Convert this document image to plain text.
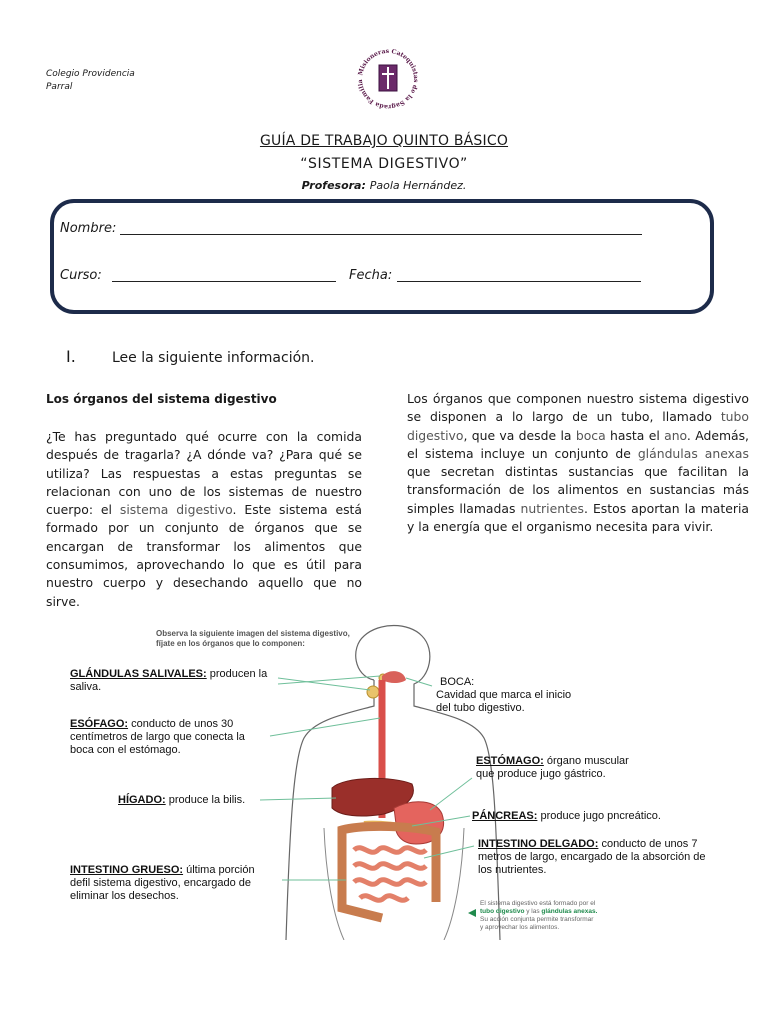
Colegio Providencia
Parral
Misioneras Catequistas de la Sagrada Familia
GUÍA DE TRABAJO QUINTO BÁSICO
“SISTEMA DIGESTIVO”
Profesora: Paola Hernández.
Nombre:
Curso:	Fecha:
I.	Lee la siguiente información.
Los órganos del sistema digestivo
¿Te has preguntado qué ocurre con la comida después de tragarla? ¿A dónde va? ¿Para qué se utiliza? Las respuestas a estas preguntas se relacionan con uno de los sistemas de nuestro cuerpo: el sistema digestivo. Este sistema está formado por un conjunto de órganos que se encargan de transformar los alimentos que consumimos, aprovechando lo que es útil para nuestro cuerpo y desechando aquello que no sirve.
Los órganos que componen nuestro sistema digestivo se disponen a lo largo de un tubo, llamado tubo digestivo, que va desde la boca hasta el ano. Además, el sistema incluye un conjunto de glándulas anexas que secretan distintas sustancias que facilitan la transformación de los alimentos en sustancias más simples llamadas nutrientes. Estos aportan la materia y la energía que el organismo necesita para vivir.
Observa la siguiente imagen del sistema digestivo,
fíjate en los órganos que lo componen:
GLÁNDULAS SALIVALES: producen la
saliva.
ESÓFAGO: conducto de unos 30
centímetros de largo que conecta la
boca con el estómago.
HÍGADO: produce la bilis.
INTESTINO GRUESO: última porción
defil sistema digestivo, encargado de
eliminar los desechos.
BOCA:
Cavidad que marca el inicio
del tubo digestivo.
ESTÓMAGO: órgano muscular
que produce jugo gástrico.
PÁNCREAS: produce jugo pncreático.
INTESTINO DELGADO: conducto de unos 7
metros de largo, encargado de la absorción de
los nutrientes.
El sistema digestivo está formado por el
tubo digestivo y las glándulas anexas.
Su acción conjunta permite transformar
y aprovechar los alimentos.
